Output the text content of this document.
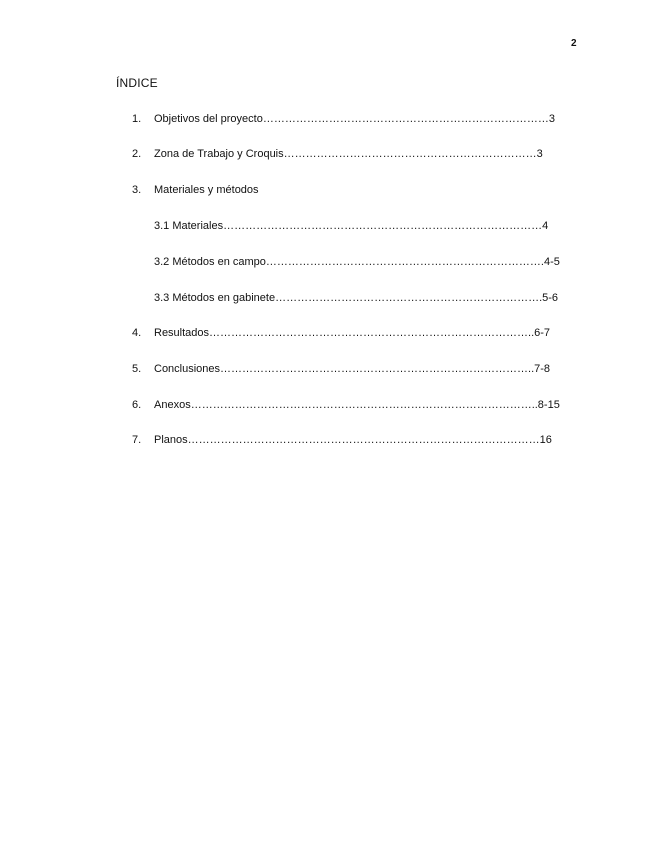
2
ÍNDICE
1. Objetivos del proyecto……………………………………………………………………3
2. Zona de Trabajo y Croquis……………………………………………………………3
3. Materiales y métodos
3.1 Materiales……………………………………………………………………………4
3.2 Métodos en campo………………………………………………………………….4-5
3.3 Métodos en gabinete……………………………………………………………….5-6
4. Resultados……………………………………………………………………………..6-7
5. Conclusiones…………………………………………………………………………..7-8
6. Anexos…………………………………………………………………………………..8-15
7. Planos……………………………………………………………………………………16
